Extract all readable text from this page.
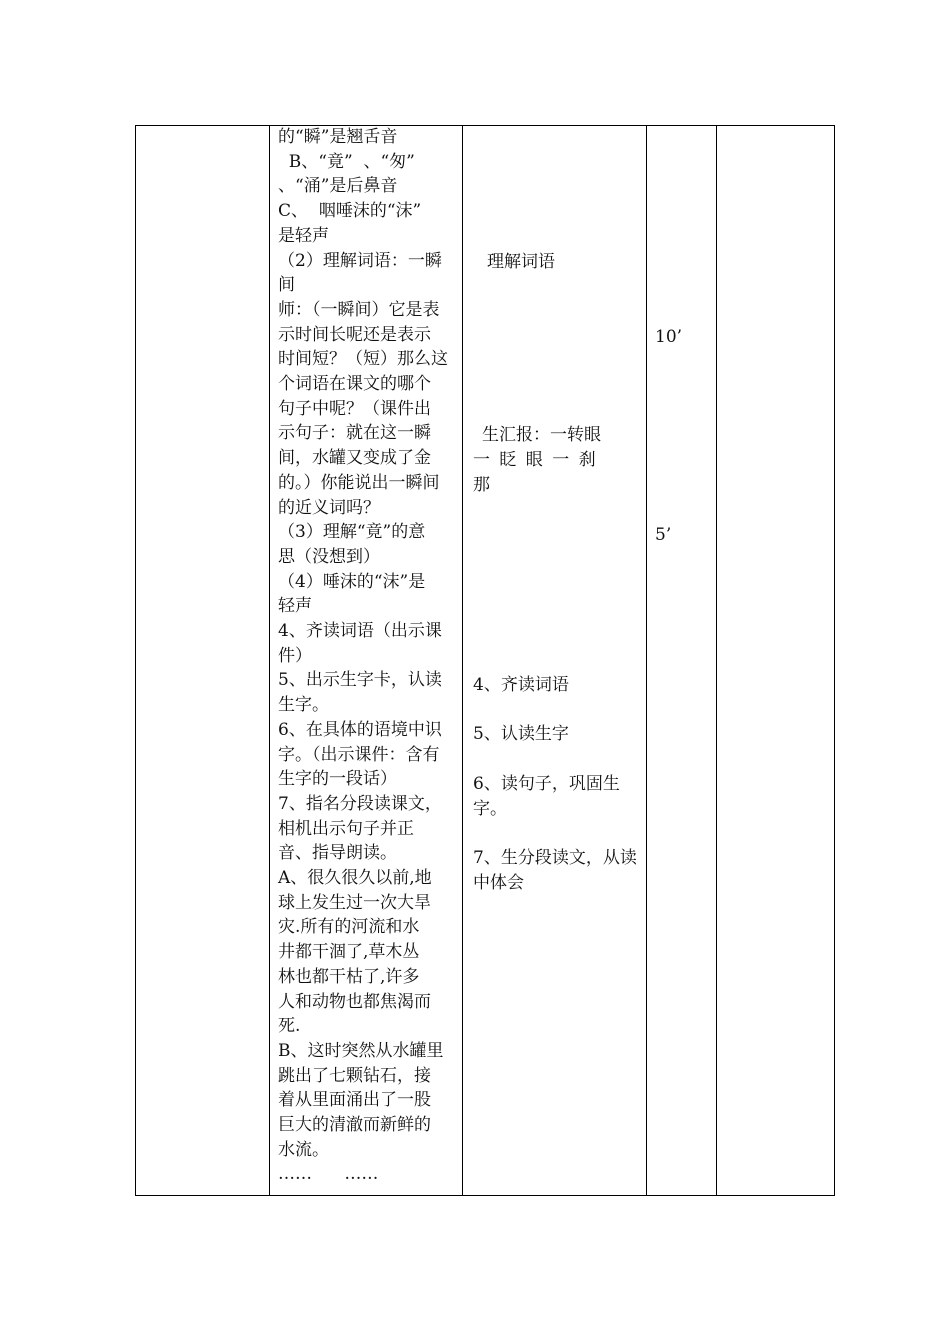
的“瞬”是翘舌音
B、“竟”  、“匆”
、“涌”是后鼻音
C、  咽唾沫的“沫”
是轻声
（2）理解词语：一瞬
间
师：（一瞬间）它是表
示时间长呢还是表示
时间短？（短）那么这
个词语在课文的哪个
句子中呢？（课件出
示句子：就在这一瞬
间，水罐又变成了金
的。）你能说出一瞬间
的近义词吗？
（3）理解“竟”的意
思（没想到）
（4）唾沫的“沫”是
轻声
4、齐读词语（出示课
件）
5、出示生字卡，认读
生字。
6、在具体的语境中识
字。（出示课件：含有
生字的一段话）
7、指名分段读课文，
相机出示句子并正
音、指导朗读。
A、很久很久以前,地
球上发生过一次大旱
灾.所有的河流和水
井都干涸了,草木丛
林也都干枯了,许多
人和动物也都焦渴而
死.
B、这时突然从水罐里
跳出了七颗钻石，接
着从里面涌出了一股
巨大的清澈而新鲜的
水流。
……      ……
理解词语
生汇报：一转眼
一 眨 眼 一 刹
那
4、齐读词语
5、认读生字
6、读句子，巩固生
字。
7、生分段读文，从读
中体会
10’
5’
